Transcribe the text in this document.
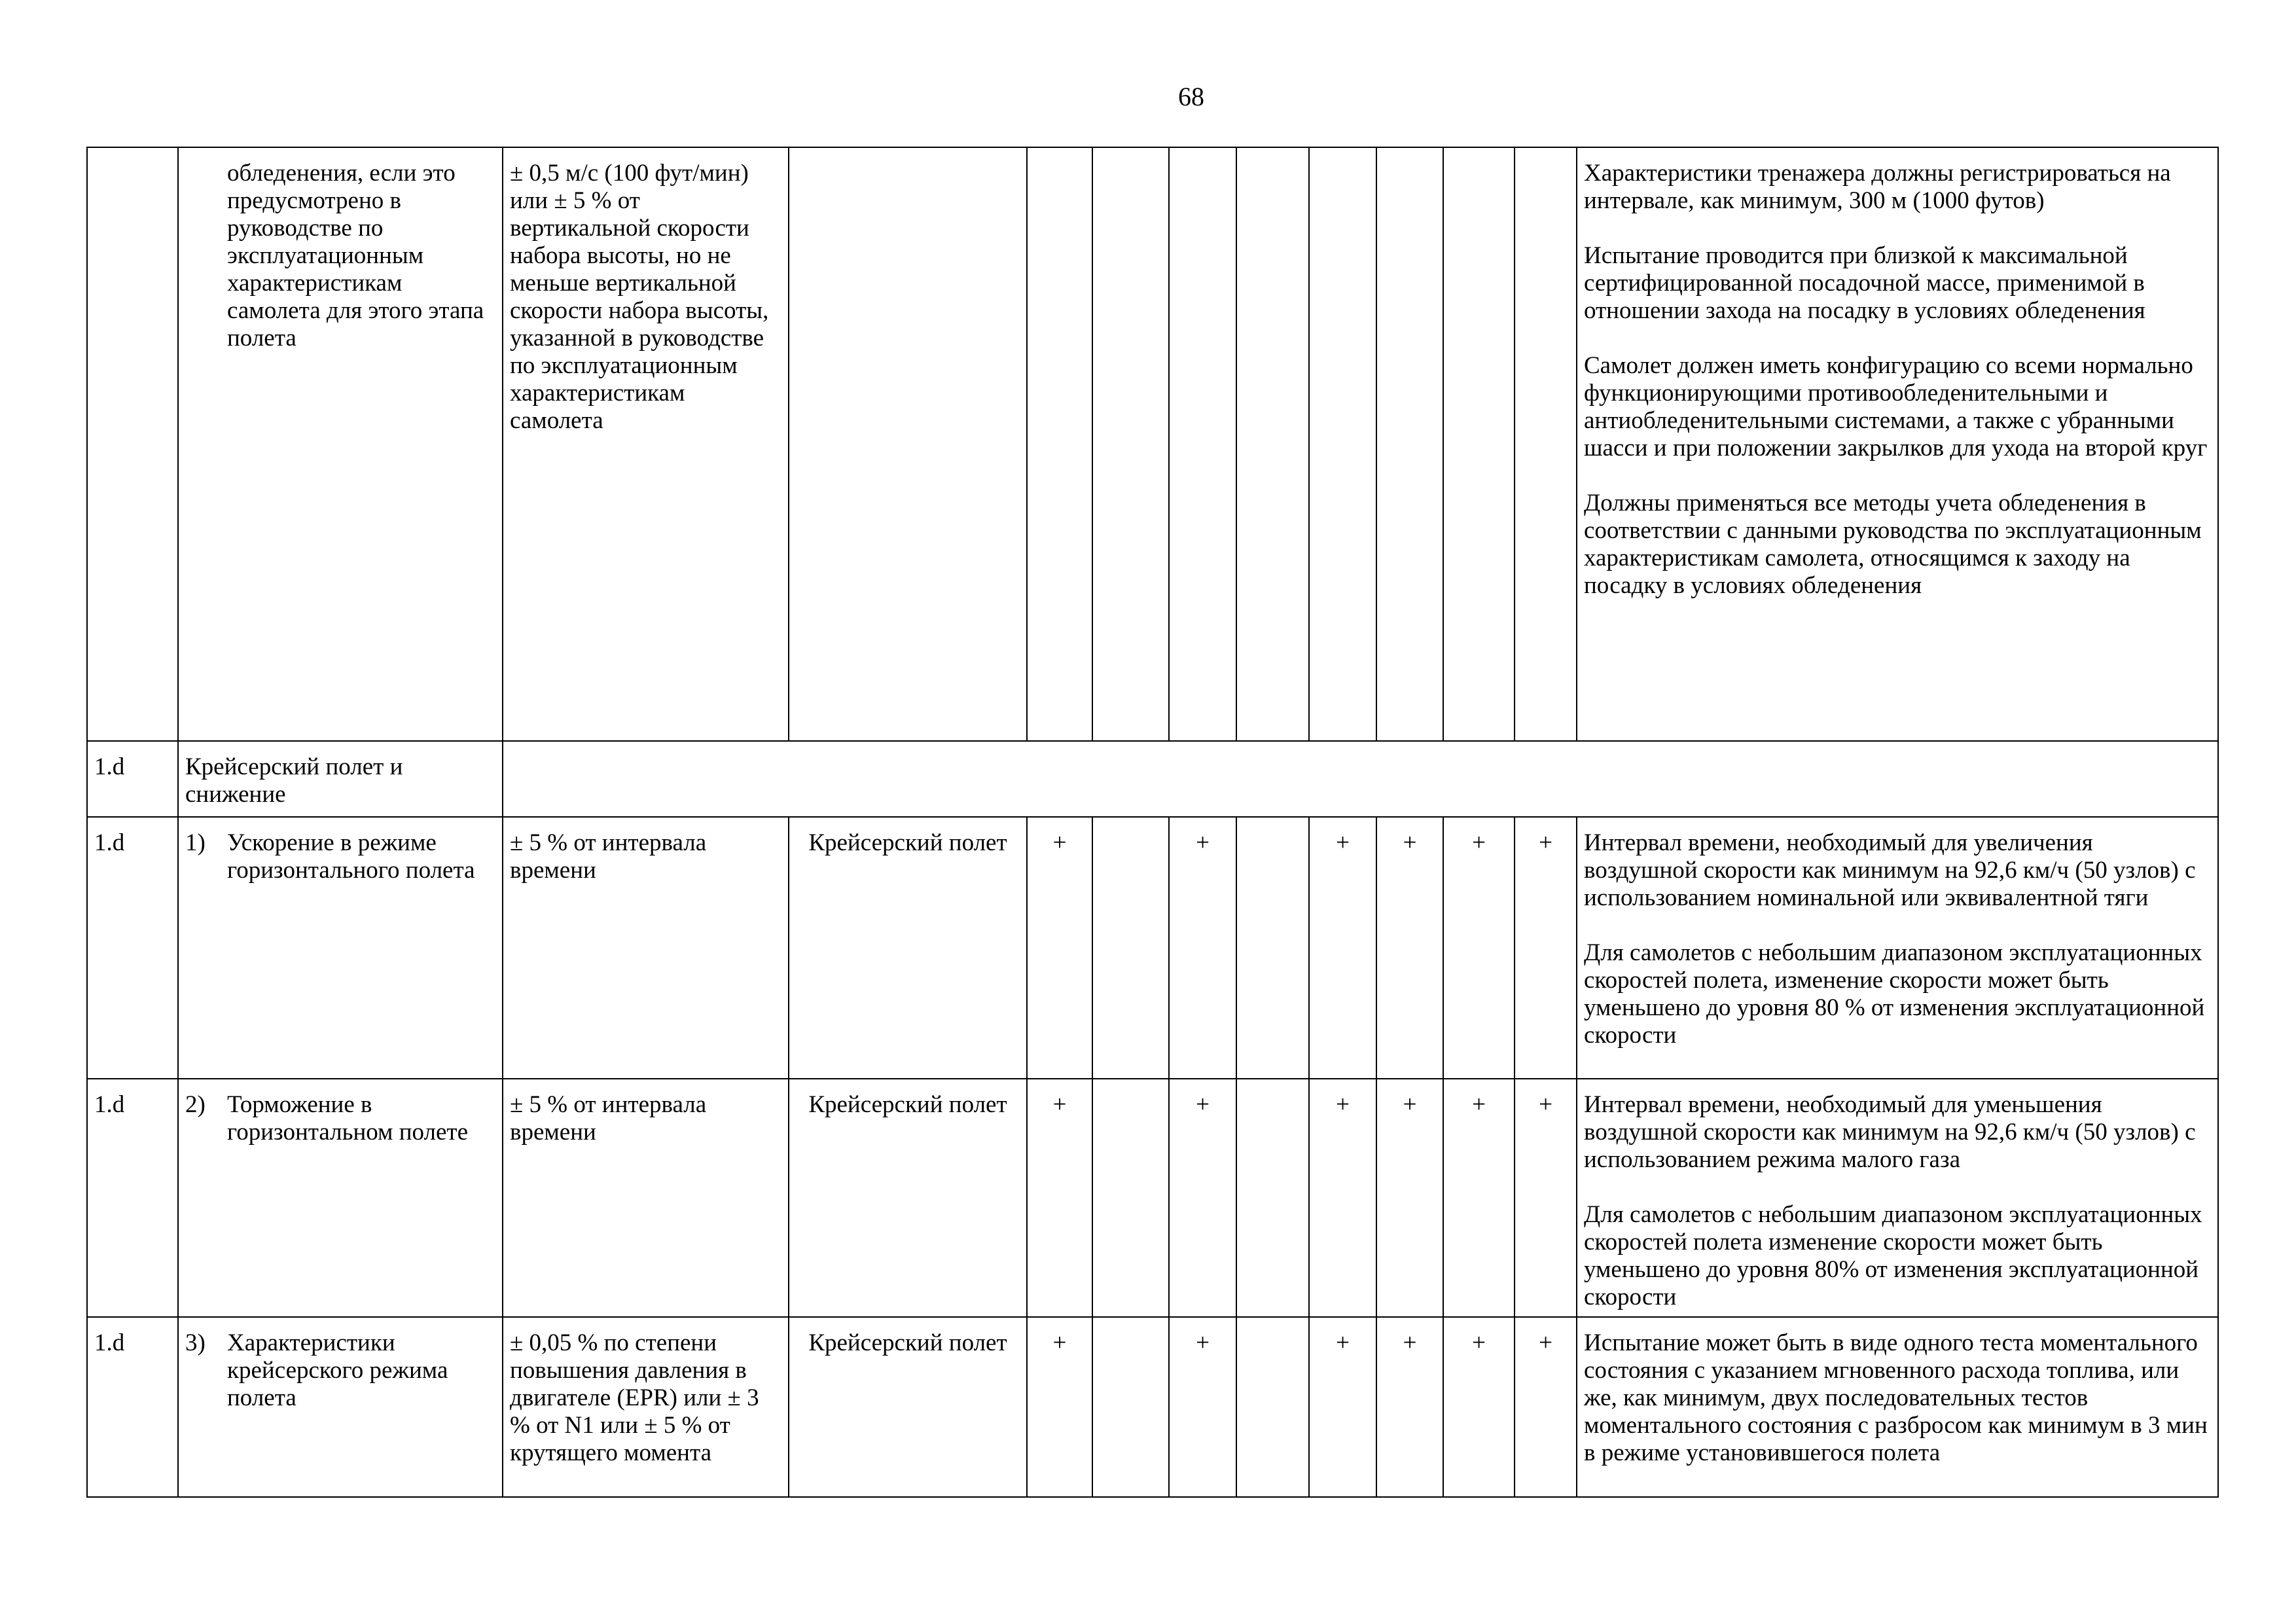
68

	обледенения, если это предусмотрено в руководстве по эксплуатационным характеристикам самолета для этого этапа полета	± 0,5 м/с (100 фут/мин) или ± 5 % от вертикальной скорости набора высоты, но не меньше вертикальной скорости набора высоты, указанной в руководстве по эксплуатационным характеристикам самолета										Характеристики тренажера должны регистрироваться на интервале, как минимум, 300 м (1000 футов)
Испытание проводится при близкой к максимальной сертифицированной посадочной массе, применимой в отношении захода на посадку в условиях обледенения
Самолет должен иметь конфигурацию со всеми нормально функционирующими противообледенительными и антиобледенительными системами, а также с убранными шасси и при положении закрылков для ухода на второй круг
Должны применяться все методы учета обледенения в соответствии с данными руководства по эксплуатационным характеристикам самолета, относящимся к заходу на посадку в условиях обледенения

1.d	Крейсерский полет и снижение											
1.d	1) Ускорение в режиме горизонтального полета	± 5 % от интервала времени	Крейсерский полет	+		+		+	+	+	+	Интервал времени, необходимый для увеличения воздушной скорости как минимум на 92,6 км/ч (50 узлов) с использованием номинальной или эквивалентной тяги
Для самолетов с небольшим диапазоном эксплуатационных скоростей полета, изменение скорости может быть уменьшено до уровня 80 % от изменения эксплуатационной скорости

1.d	2) Торможение в горизонтальном полете	± 5 % от интервала времени	Крейсерский полет	+		+		+	+	+	+	Интервал времени, необходимый для уменьшения воздушной скорости как минимум на 92,6 км/ч (50 узлов) с использованием режима малого газа
Для самолетов с небольшим диапазоном эксплуатационных скоростей полета изменение скорости может быть уменьшено до уровня 80% от изменения эксплуатационной скорости

1.d	3) Характеристики крейсерского режима полета	± 0,05 % по степени повышения давления в двигателе (EPR) или ± 3 % от N1 или ± 5 % от крутящего момента	Крейсерский полет	+		+		+	+	+	+	Испытание может быть в виде одного теста моментального состояния с указанием мгновенного расхода топлива, или же, как минимум, двух последовательных тестов моментального состояния с разбросом как минимум в 3 мин в режиме установившегося полета
